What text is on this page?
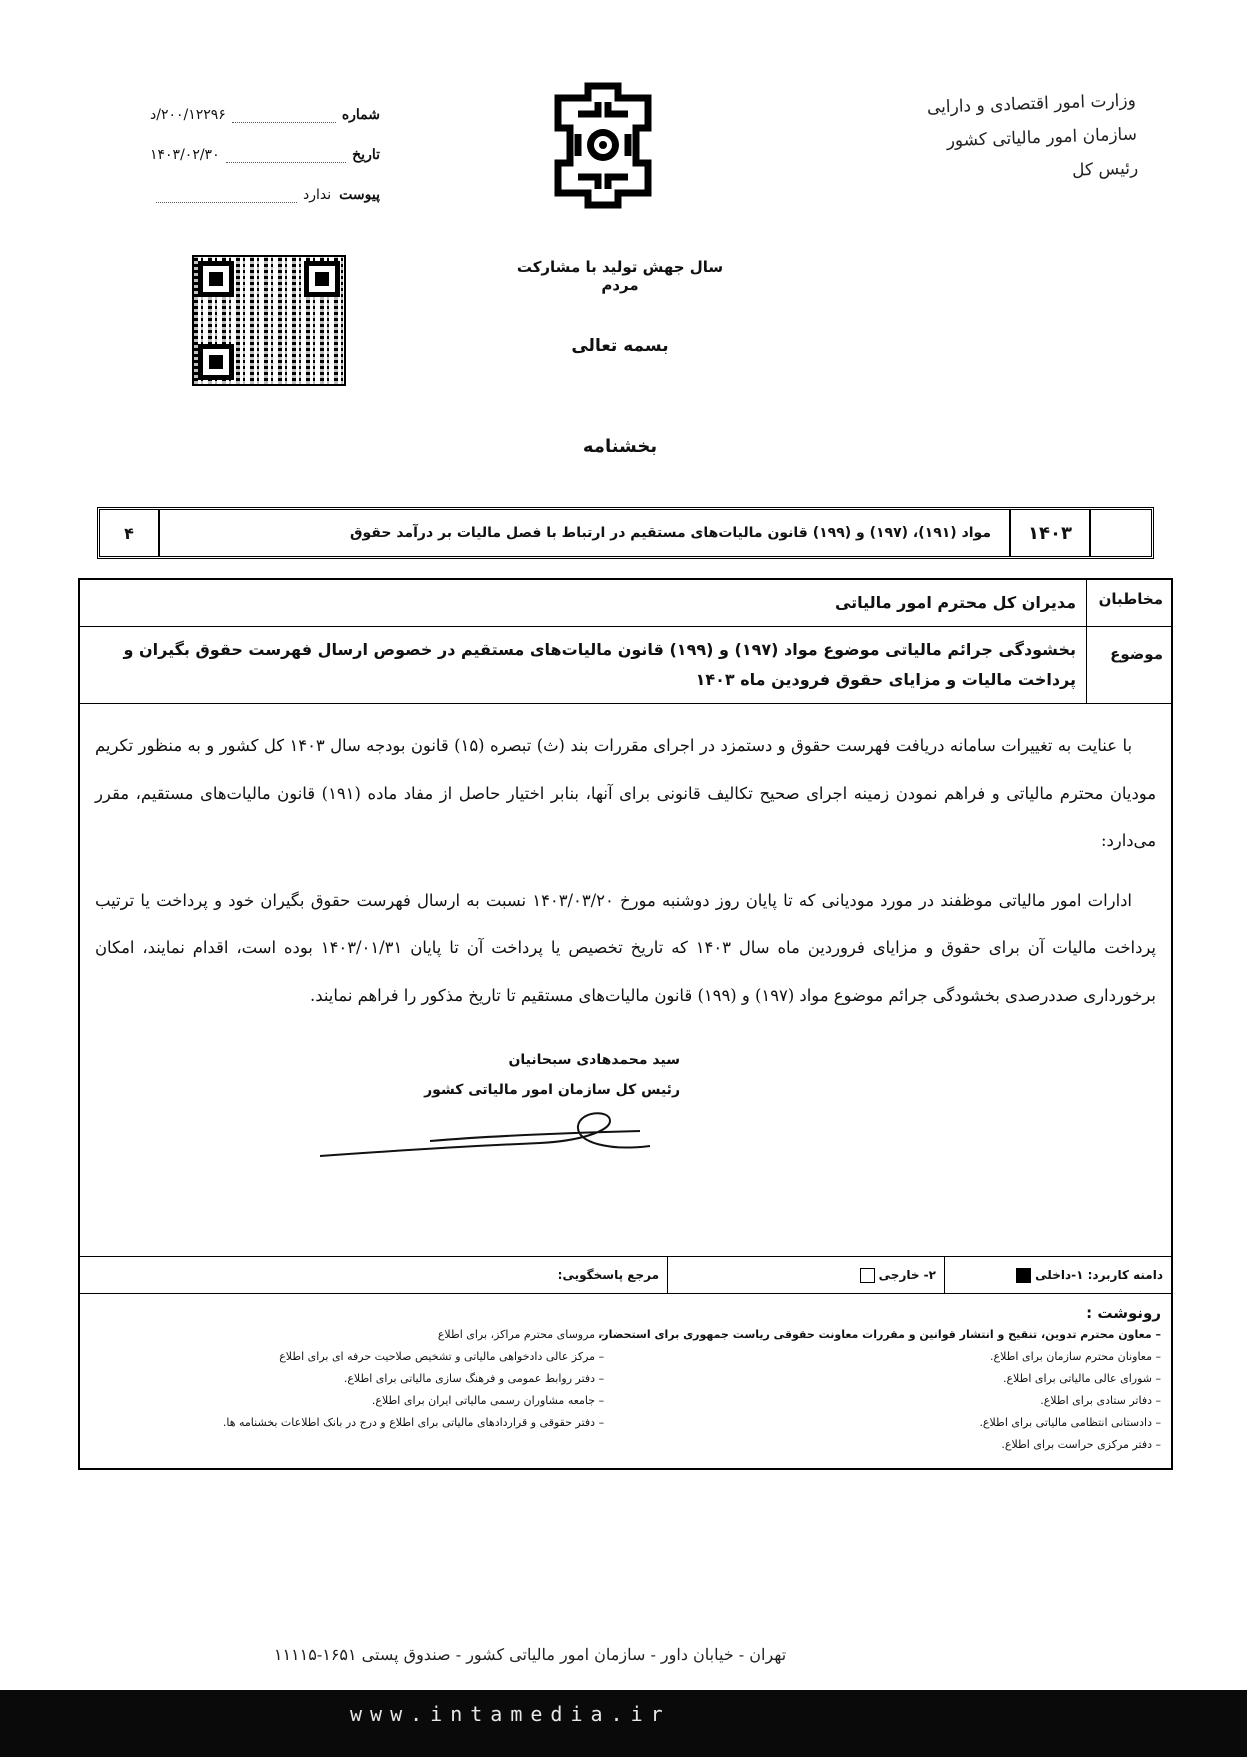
وزارت امور اقتصادی و دارایی
سازمان امور مالیاتی کشور
رئیس کل
شماره
۲۰۰/۱۲۲۹۶/د
تاریخ
۱۴۰۳/۰۲/۳۰
پیوست
ندارد
سال جهش تولید با مشارکت مردم
بسمه تعالی
بخشنامه
۱۴۰۳
مواد (۱۹۱)، (۱۹۷) و (۱۹۹) قانون مالیات‌های مستقیم در ارتباط با فصل مالیات بر درآمد حقوق
۴
مخاطبان
مدیران کل محترم امور مالیاتی
موضوع
بخشودگی جرائم مالیاتی موضوع مواد (۱۹۷) و (۱۹۹) قانون مالیات‌های مستقیم در خصوص ارسال فهرست حقوق بگیران و پرداخت مالیات و مزایای حقوق فرودین ماه ۱۴۰۳

با عنایت به تغییرات سامانه دریافت فهرست حقوق و دستمزد در اجرای مقررات بند (ث) تبصره (۱۵) قانون بودجه سال ۱۴۰۳ کل کشور و به منظور تکریم مودیان محترم مالیاتی و فراهم نمودن زمینه اجرای صحیح تکالیف قانونی برای آنها، بنابر اختیار حاصل از مفاد ماده (۱۹۱) قانون مالیات‌های مستقیم، مقرر می‌دارد:

ادارات امور مالیاتی موظفند در مورد مودیانی که تا پایان روز دوشنبه مورخ ۱۴۰۳/۰۳/۲۰ نسبت به ارسال فهرست حقوق بگیران خود و پرداخت یا ترتیب پرداخت مالیات آن برای حقوق و مزایای فروردین ماه سال ۱۴۰۳ که تاریخ تخصیص یا پرداخت آن تا پایان ۱۴۰۳/۰۱/۳۱ بوده است، اقدام نمایند، امکان برخورداری صددرصدی بخشودگی جرائم موضوع مواد (۱۹۷) و (۱۹۹) قانون مالیات‌های مستقیم تا تاریخ مذکور را فراهم نمایند.

سید محمدهادی سبحانیان
رئیس کل سازمان امور مالیاتی کشور
دامنه کاربرد:

۱-داخلی
۲- خارجی
مرجع پاسخگویی:
رونوشت :
– معاون محترم تدوین، تنقیح و انتشار قوانین و مقررات معاونت حقوقی ریاست جمهوری برای استحضار.
– معاونان محترم سازمان برای اطلاع.
– شورای عالی مالیاتی برای اطلاع.
– دفاتر ستادی برای اطلاع.
– دادستانی انتظامی مالیاتی برای اطلاع.
– دفتر مرکزی حراست برای اطلاع.
– مروسای محترم مراکز، برای اطلاع
– مرکز عالی دادخواهی مالیاتی و تشخیص صلاحیت حرفه ای برای اطلاع
– دفتر روابط عمومی و فرهنگ سازی مالیاتی برای اطلاع.
– جامعه مشاوران رسمی مالیاتی ایران برای اطلاع.
– دفتر حقوقی و قراردادهای مالیاتی برای اطلاع و درج در بانک اطلاعات بخشنامه ها.
تهران - خیابان داور - سازمان امور مالیاتی کشور - صندوق پستی ۱۶۵۱-۱۱۱۱۵
www.intamedia.ir
